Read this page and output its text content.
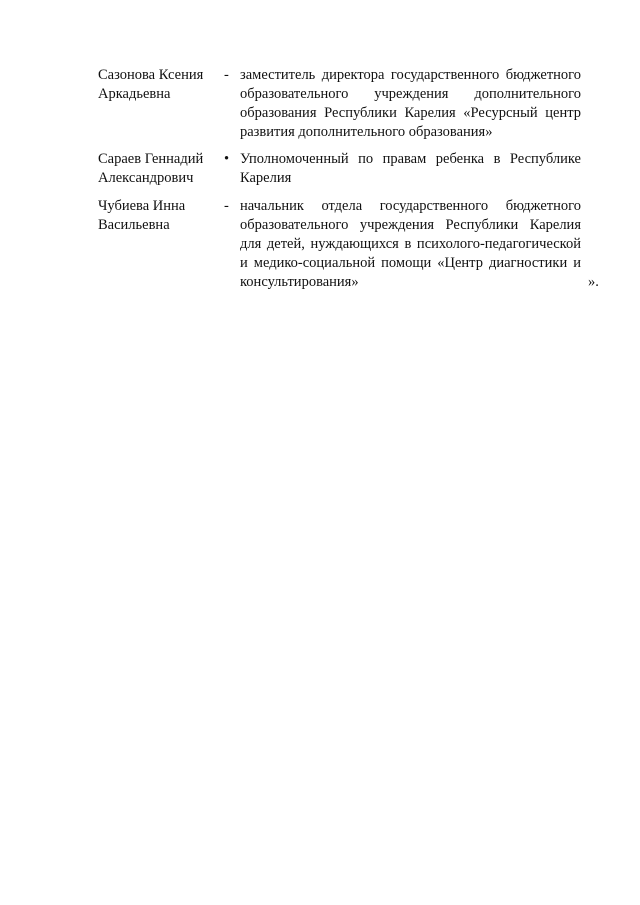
Сазонова Ксения
Аркадьевна
- заместитель директора государственного бюджетного образовательного учреждения дополнительного образования Республики Карелия «Ресурсный центр развития дополнительного образования»
Сараев Геннадий
Александрович
• Уполномоченный по правам ребенка в Республике Карелия
Чубиева Инна
Васильевна
- начальник отдела государственного бюджетного образовательного учреждения Республики Карелия для детей, нуждающихся в психолого-педагогической и медико-социальной помощи «Центр диагностики и консультирования»	».
